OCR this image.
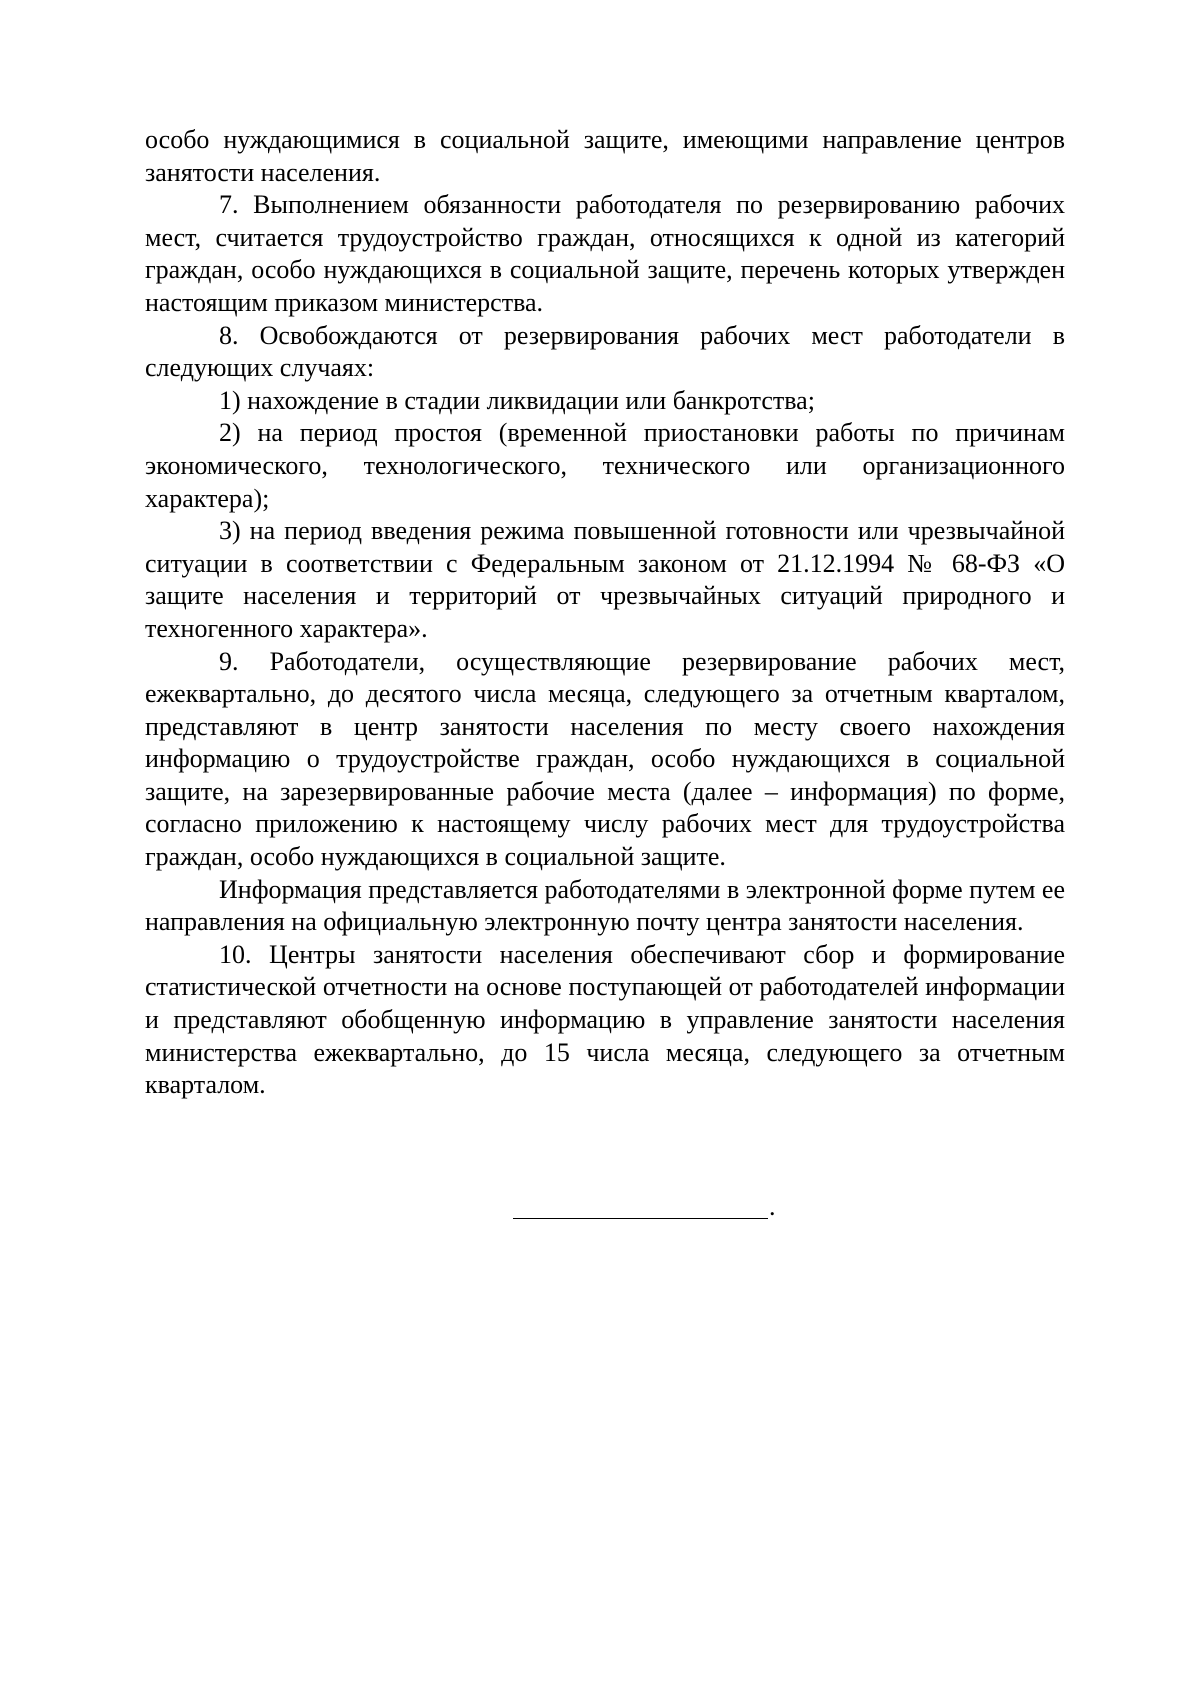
особо нуждающимися в социальной защите, имеющими направление центров занятости населения.

7. Выполнением обязанности работодателя по резервированию рабочих мест, считается трудоустройство граждан, относящихся к одной из категорий граждан, особо нуждающихся в социальной защите, перечень которых утвержден настоящим приказом министерства.

8. Освобождаются от резервирования рабочих мест работодатели в следующих случаях:

1) нахождение в стадии ликвидации или банкротства;

2) на период простоя (временной приостановки работы по причинам экономического, технологического, технического или организационного характера);

3) на период введения режима повышенной готовности или чрезвычайной ситуации в соответствии с Федеральным законом от 21.12.1994 № 68-ФЗ «О защите населения и территорий от чрезвычайных ситуаций природного и техногенного характера».

9. Работодатели, осуществляющие резервирование рабочих мест, ежеквартально, до десятого числа месяца, следующего за отчетным кварталом, представляют в центр занятости населения по месту своего нахождения информацию о трудоустройстве граждан, особо нуждающихся в социальной защите, на зарезервированные рабочие места (далее – информация) по форме, согласно приложению к настоящему числу рабочих мест для трудоустройства граждан, особо нуждающихся в социальной защите.

Информация представляется работодателями в электронной форме путем ее направления на официальную электронную почту центра занятости населения.

10. Центры занятости населения обеспечивают сбор и формирование статистической отчетности на основе поступающей от работодателей информации и представляют обобщенную информацию в управление занятости населения министерства ежеквартально, до 15 числа месяца, следующего за отчетным кварталом.

.
